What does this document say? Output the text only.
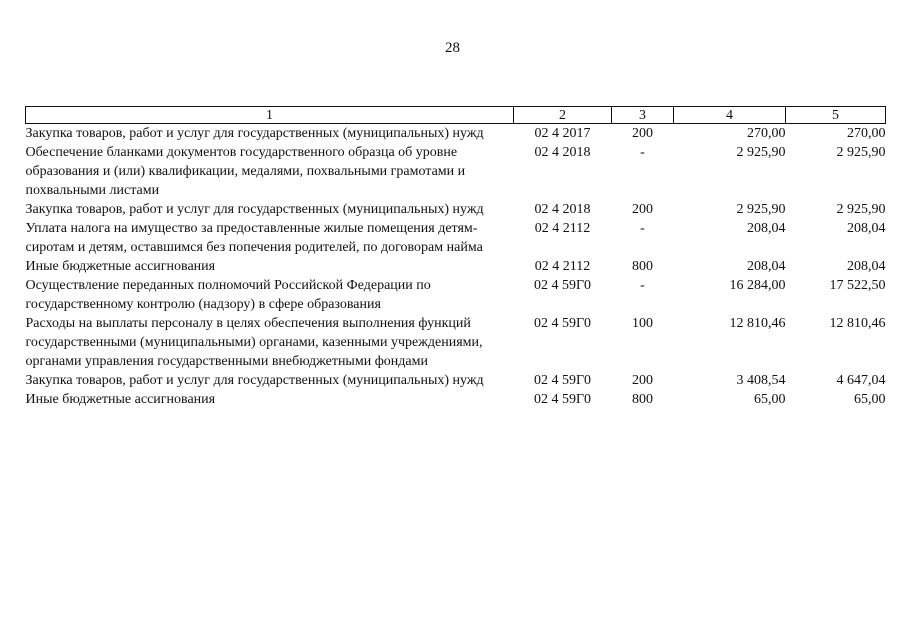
28
1	2	3	4	5
Закупка товаров, работ и услуг для государственных (муниципальных) нужд	02 4 2017	200	270,00	270,00
Обеспечение бланками документов государственного образца об уровне образования и (или) квалификации, медалями, похвальными грамотами и похвальными листами	02 4 2018	-	2 925,90	2 925,90
Закупка товаров, работ и услуг для государственных (муниципальных) нужд	02 4 2018	200	2 925,90	2 925,90
Уплата налога на имущество за предоставленные жилые помещения детям-сиротам и детям, оставшимся без попечения родителей, по договорам найма	02 4 2112	-	208,04	208,04
Иные бюджетные ассигнования	02 4 2112	800	208,04	208,04
Осуществление переданных полномочий Российской Федерации по государственному контролю (надзору) в сфере образования	02 4 59Г0	-	16 284,00	17 522,50
Расходы на выплаты персоналу в целях обеспечения выполнения функций государственными (муниципальными) органами, казенными учреждениями, органами управления государственными внебюджетными фондами	02 4 59Г0	100	12 810,46	12 810,46
Закупка товаров, работ и услуг для государственных (муниципальных) нужд	02 4 59Г0	200	3 408,54	4 647,04
Иные бюджетные ассигнования	02 4 59Г0	800	65,00	65,00
